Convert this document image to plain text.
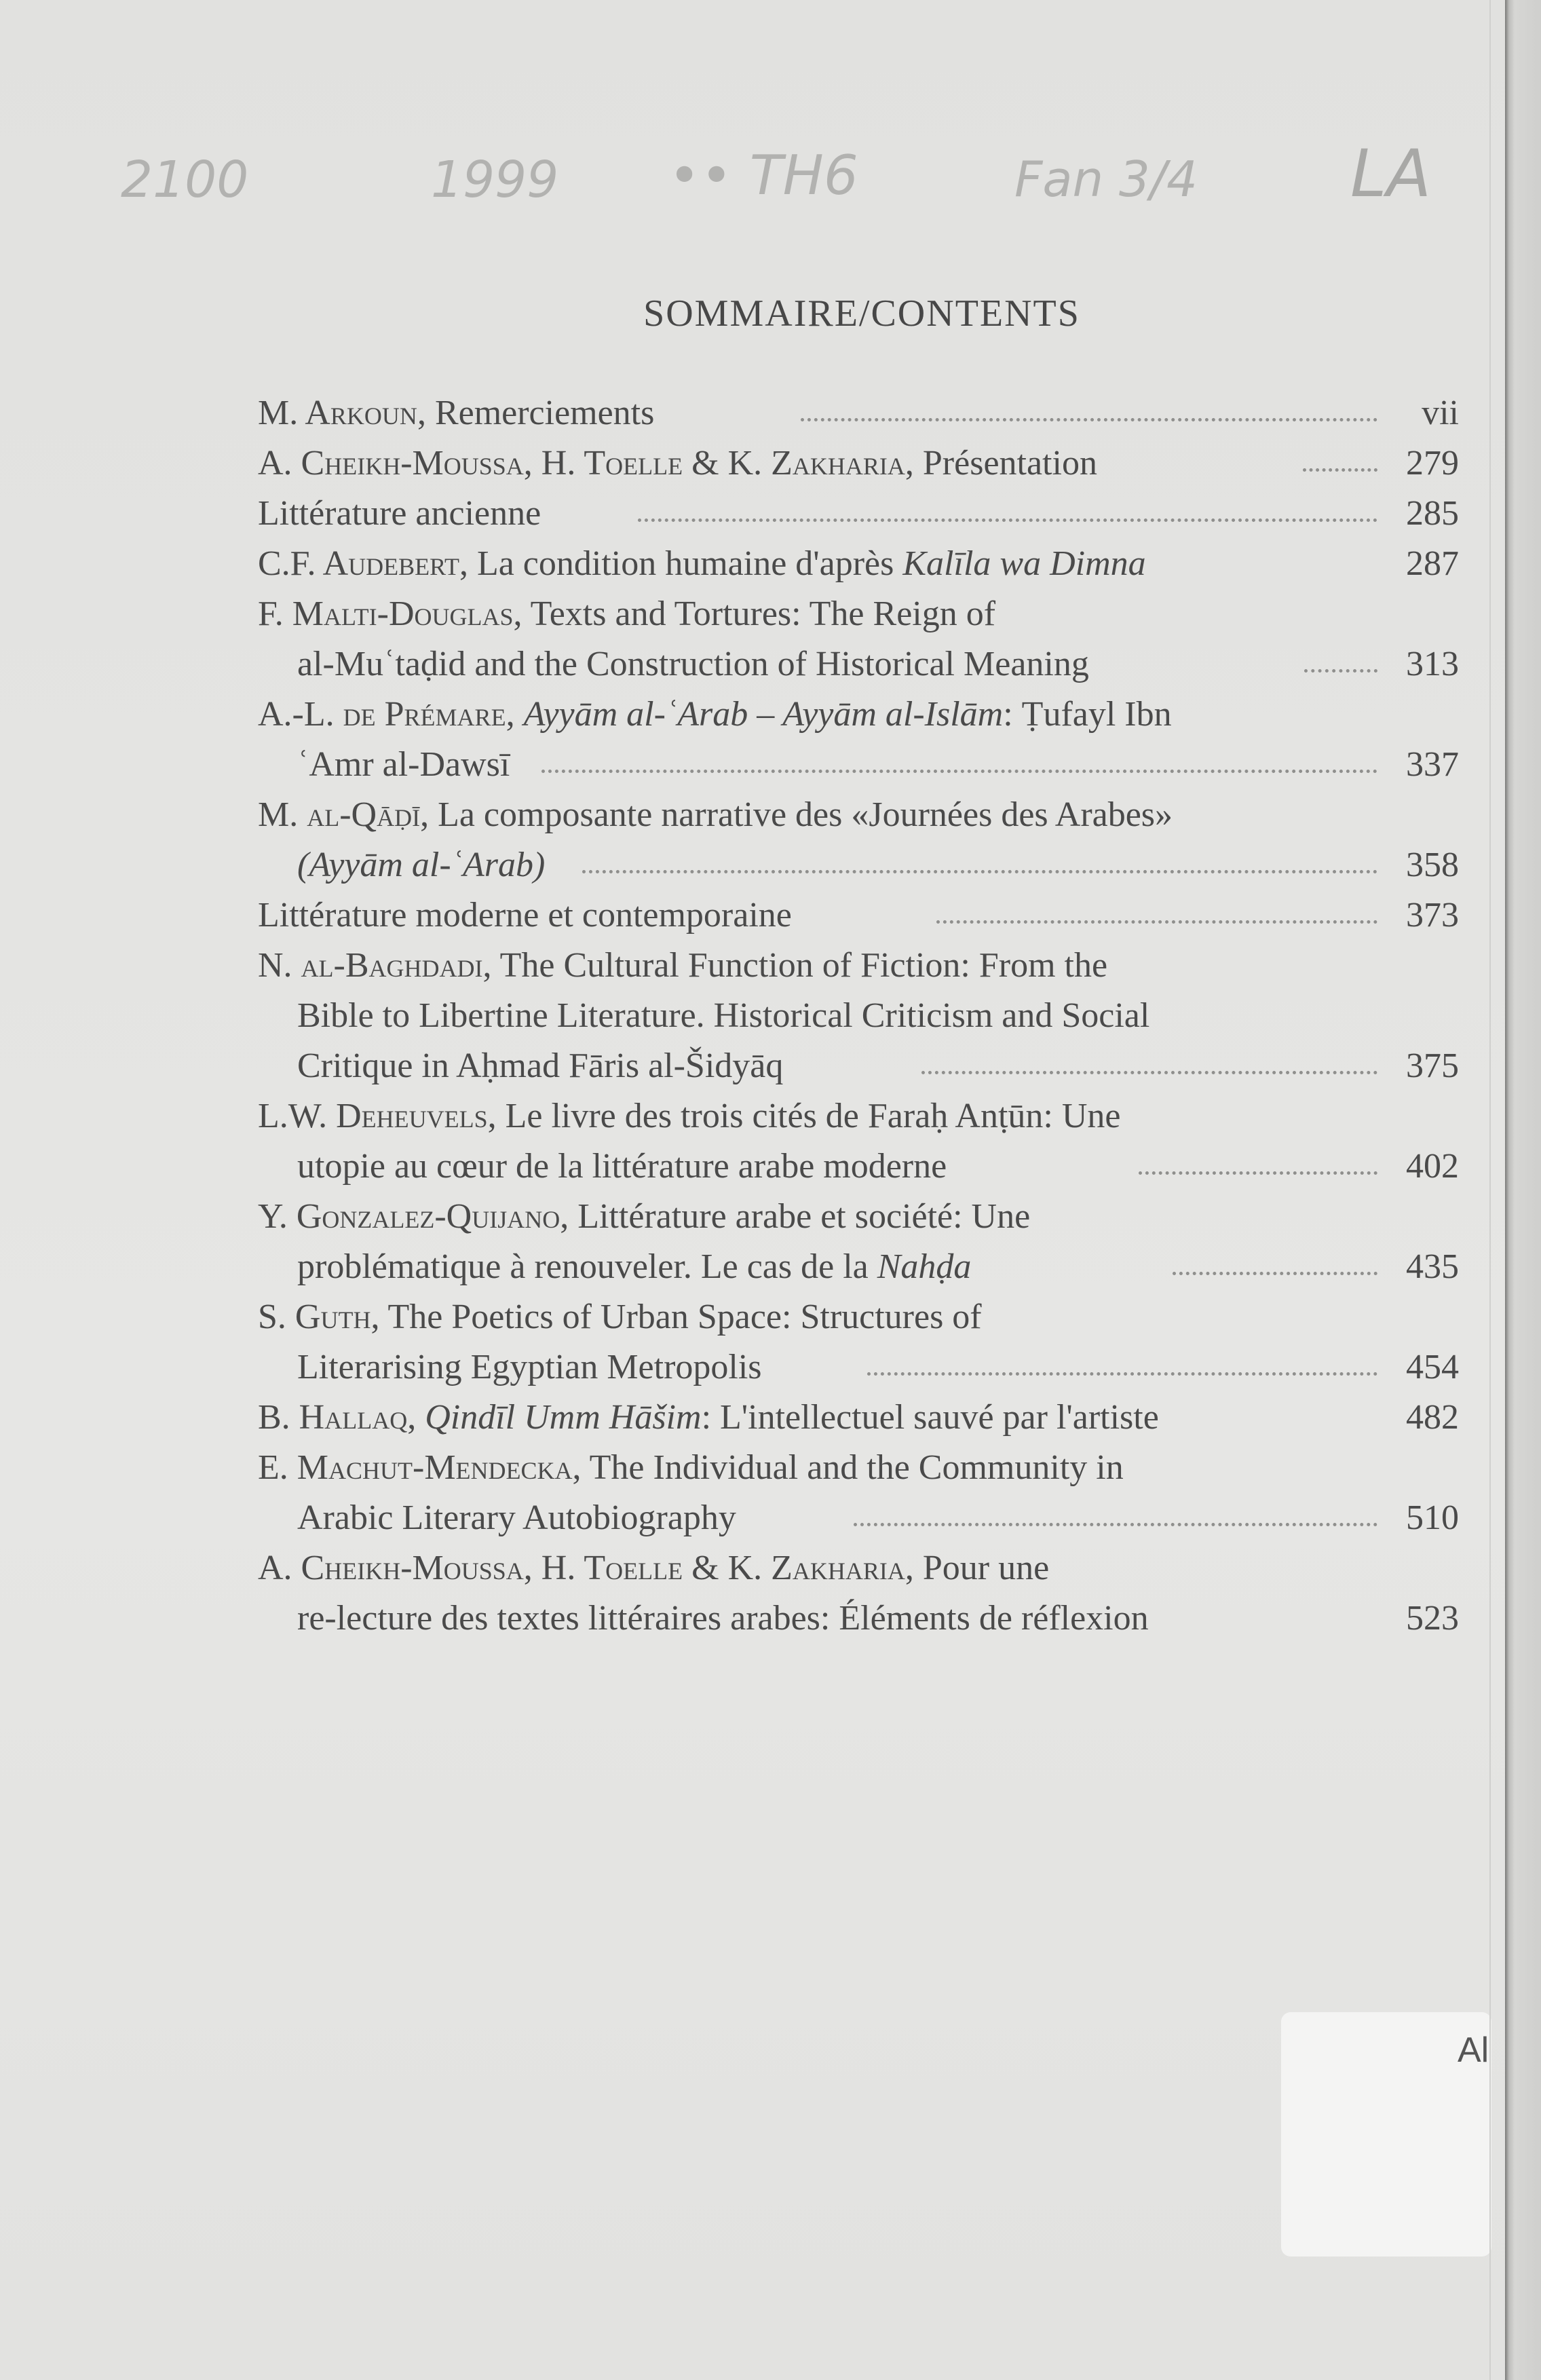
2100	1999 •• TH6	Fan 3/4 LA
SOMMAIRE/CONTENTS
M. Arkoun, Remerciements	vii
A. Cheikh-Moussa, H. Toelle & K. Zakharia, Présentation	279
Littérature ancienne	285
C.F. Audebert, La condition humaine d'après Kalīla wa Dimna	287
F. Malti-Douglas, Texts and Tortures: The Reign of
al-Muʿtaḍid and the Construction of Historical Meaning	313
A.-L. de Prémare, Ayyām al-ʿArab – Ayyām al-Islām: Ṭufayl Ibn
ʿAmr al-Dawsī	337
M. al-Qāḍī, La composante narrative des «Journées des Arabes»
(Ayyām al-ʿArab)	358
Littérature moderne et contemporaine	373
N. al-Baghdadi, The Cultural Function of Fiction: From the
Bible to Libertine Literature. Historical Criticism and Social
Critique in Aḥmad Fāris al-Šidyāq	375
L.W. Deheuvels, Le livre des trois cités de Faraḥ Anṭūn: Une
utopie au cœur de la littérature arabe moderne	402
Y. Gonzalez-Quijano, Littérature arabe et société: Une
problématique à renouveler. Le cas de la Nahḍa	435
S. Guth, The Poetics of Urban Space: Structures of
Literarising Egyptian Metropolis	454
B. Hallaq, Qindīl Umm Hāšim: L'intellectuel sauvé par l'artiste	482
E. Machut-Mendecka, The Individual and the Community in
Arabic Literary Autobiography	510
A. Cheikh-Moussa, H. Toelle & K. Zakharia, Pour une
re-lecture des textes littéraires arabes: Éléments de réflexion	523
Al
